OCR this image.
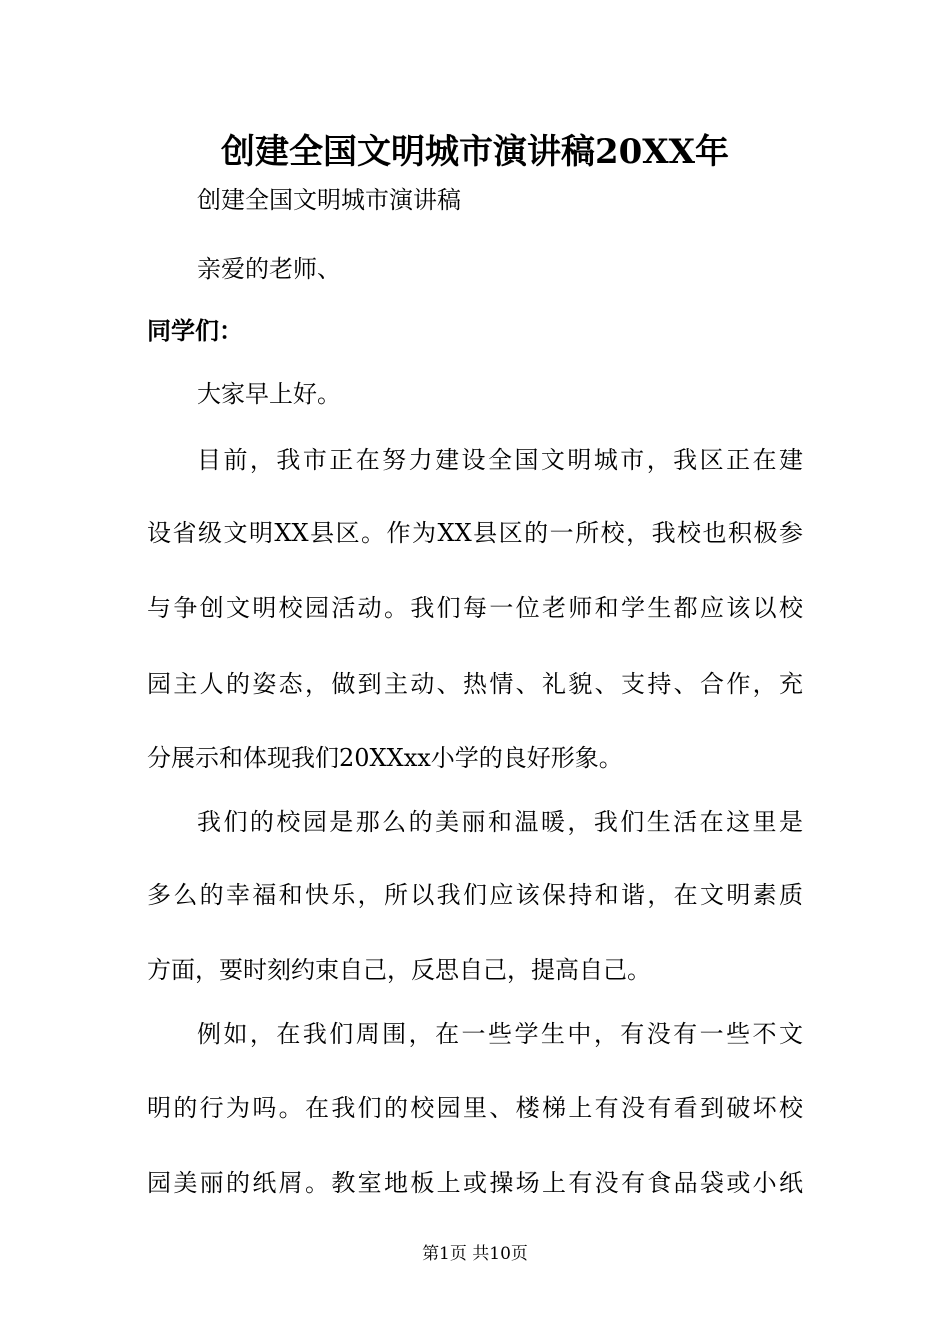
创建全国文明城市演讲稿20XX年
创建全国文明城市演讲稿
亲爱的老师、
同学们：
大家早上好。
目前，我市正在努力建设全国文明城市，我区正在建
设省级文明XX县区。作为XX县区的一所校，我校也积极参
与争创文明校园活动。我们每一位老师和学生都应该以校
园主人的姿态，做到主动、热情、礼貌、支持、合作，充
分展示和体现我们20XXxx小学的良好形象。
我们的校园是那么的美丽和温暖，我们生活在这里是
多么的幸福和快乐，所以我们应该保持和谐，在文明素质
方面，要时刻约束自己，反思自己，提高自己。
例如，在我们周围，在一些学生中，有没有一些不文
明的行为吗。在我们的校园里、楼梯上有没有看到破坏校
园美丽的纸屑。教室地板上或操场上有没有食品袋或小纸
第1页 共10页
